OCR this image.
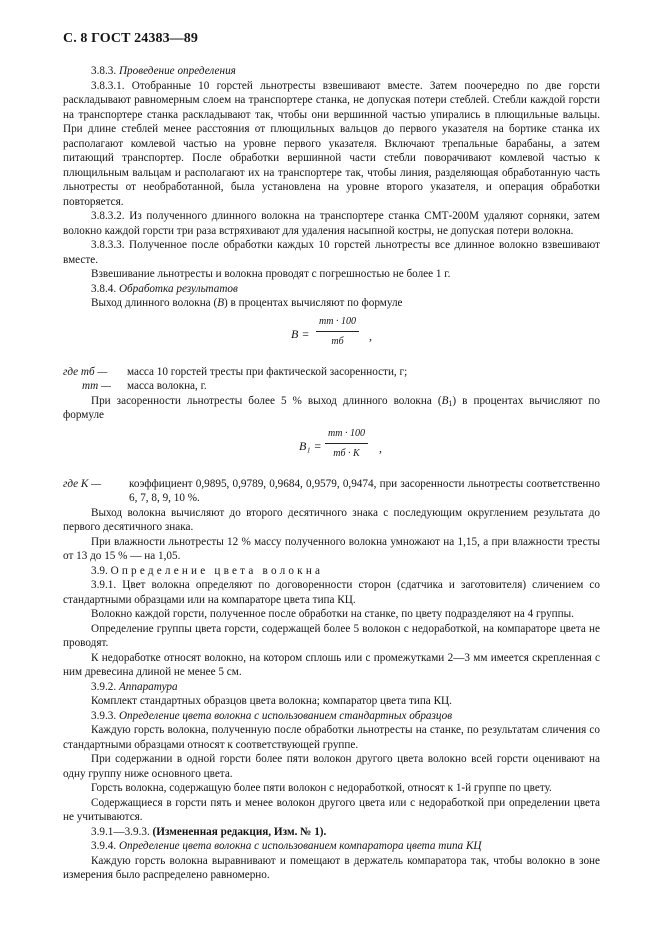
С. 8 ГОСТ 24383—89

3.8.3. Проведение определения

3.8.3.1. Отобранные 10 горстей льнотресты взвешивают вместе. Затем поочередно по две горсти раскладывают равномерным слоем на транспортере станка, не допуская потери стеблей. Стебли каждой горсти на транспортере станка раскладывают так, чтобы они вершинной частью упирались в плющильные вальцы. При длине стеблей менее расстояния от плющильных вальцов до первого указателя на бортике станка их располагают комлевой частью на уровне первого указателя. Включают трепальные барабаны, а затем питающий транспортер. После обработки вершинной части стебли поворачивают комлевой частью к плющильным вальцам и располагают их на транспортере так, чтобы линия, разделяющая обработанную часть льнотресты от необработанной, была установлена на уровне второго указателя, и операция обработки повторяется.

3.8.3.2. Из полученного длинного волокна на транспортере станка СМТ-200М удаляют сорняки, затем волокно каждой горсти три раза встряхивают для удаления насыпной костры, не допуская потери волокна.

3.8.3.3. Полученное после обработки каждых 10 горстей льнотресты все длинное волокно взвешивают вместе.

Взвешивание льнотресты и волокна проводят с погрешностью не более 1 г.

3.8.4. Обработка результатов

Выход длинного волокна (B) в процентах вычисляют по формуле

B =
mт · 100
mб	,
где mб —	масса 10 горстей тресты при фактической засоренности, г;
mт —	масса волокна, г.

При засоренности льнотресты более 5 % выход длинного волокна $(B_1)$ в процентах вычисляют по формуле

B₁ =
mт · 100
mб · K	,
где K —	коэффициент 0,9895, 0,9789, 0,9684, 0,9579, 0,9474, при засоренности льнотресты соответственно 6, 7, 8, 9, 10 %.

Выход волокна вычисляют до второго десятичного знака с последующим округлением результата до первого десятичного знака.

При влажности льнотресты 12 % массу полученного волокна умножают на 1,15, а при влажности тресты от 13 до 15 % — на 1,05.

3.9. Определение цвета волокна

3.9.1. Цвет волокна определяют по договоренности сторон (сдатчика и заготовителя) сличением со стандартными образцами или на компараторе цвета типа КЦ.

Волокно каждой горсти, полученное после обработки на станке, по цвету подразделяют на 4 группы.

Определение группы цвета горсти, содержащей более 5 волокон с недоработкой, на компараторе цвета не проводят.

К недоработке относят волокно, на котором сплошь или с промежутками 2—3 мм имеется скрепленная с ним древесина длиной не менее 5 см.

3.9.2. Аппаратура

Комплект стандартных образцов цвета волокна; компаратор цвета типа КЦ.

3.9.3. Определение цвета волокна с использованием стандартных образцов

Каждую горсть волокна, полученную после обработки льнотресты на станке, по результатам сличения со стандартными образцами относят к соответствующей группе.

При содержании в одной горсти более пяти волокон другого цвета волокно всей горсти оценивают на одну группу ниже основного цвета.

Горсть волокна, содержащую более пяти волокон с недоработкой, относят к 1-й группе по цвету.

Содержащиеся в горсти пять и менее волокон другого цвета или с недоработкой при определении цвета не учитываются.

3.9.1—3.9.3. (Измененная редакция, Изм. № 1).

3.9.4. Определение цвета волокна с использованием компаратора цвета типа КЦ

Каждую горсть волокна выравнивают и помещают в держатель компаратора так, чтобы волокно в зоне измерения было распределено равномерно.
